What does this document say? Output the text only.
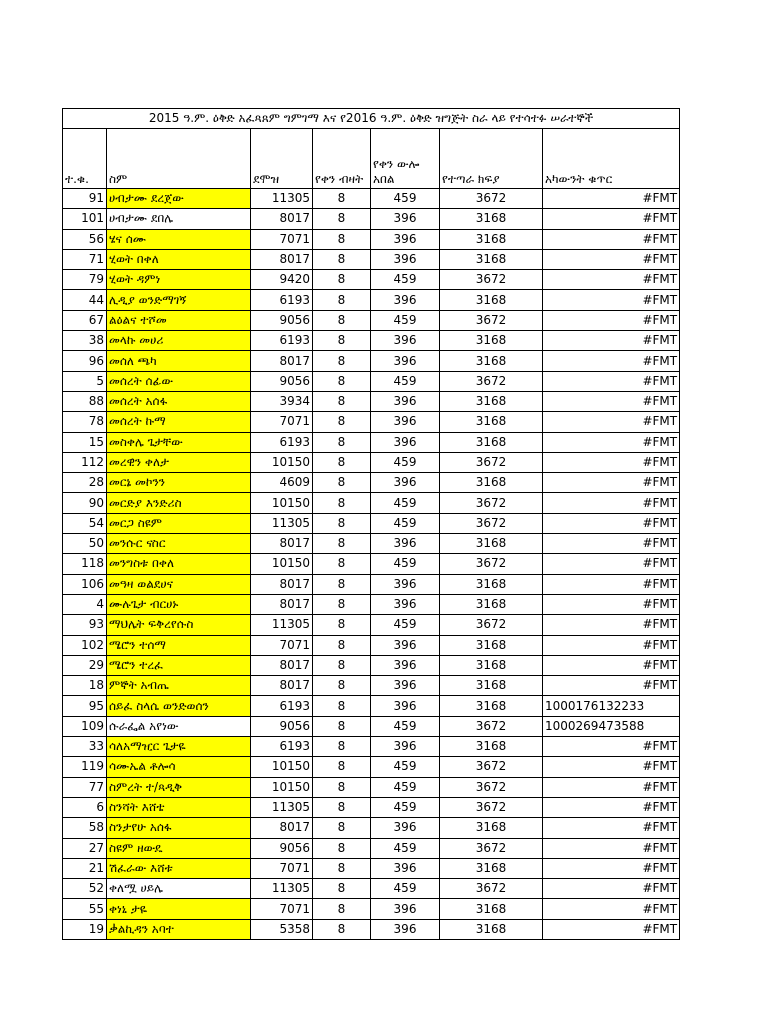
2015 ዓ.ም. ዕቅድ አፈጻጸም ግምገማ እና የ2016 ዓ.ም. ዕቅድ ዝግጅት ስራ ላይ የተሳተፉ ሠራተኞች						
ተ.ቁ.	ስም	ደሞዝ	የቀን ብዛት	የቀን ውሎ አበል	የተጣራ ክፍያ	አካውንት ቁጥር
91	ሀብታሙ ደረጀው	11305	8	459	3672	#FMT
101	ሀብታሙ ደበሌ	8017	8	396	3168	#FMT
56	ሄና ሰሙ	7071	8	396	3168	#FMT
71	ሂወት በቀለ	8017	8	396	3168	#FMT
79	ሂወት ዳምነ	9420	8	459	3672	#FMT
44	ሊዲያ ወንድማገኝ	6193	8	396	3168	#FMT
67	ልዕልና ተሾመ	9056	8	459	3672	#FMT
38	መላኩ መሀሪ	6193	8	396	3168	#FMT
96	መሰለ ጫካ	8017	8	396	3168	#FMT
5	መሰረት ሰፊው	9056	8	459	3672	#FMT
88	መሰረት አሰፋ	3934	8	396	3168	#FMT
78	መሰረት ኩማ	7071	8	396	3168	#FMT
15	መስቀሌ ጌታቸው	6193	8	396	3168	#FMT
112	መረዊን ቀለታ	10150	8	459	3672	#FMT
28	መርኔ መኮንን	4609	8	396	3168	#FMT
90	መርድያ እንድሪስ	10150	8	459	3672	#FMT
54	መርጋ ስዩም	11305	8	459	3672	#FMT
50	መንሱር ናስር	8017	8	396	3168	#FMT
118	መንግስቱ በቀለ	10150	8	459	3672	#FMT
106	መዓዛ ወልደሀና	8017	8	396	3168	#FMT
4	ሙሉጌታ ብርሀኑ	8017	8	396	3168	#FMT
93	ማህሌት ፍቅረየሱስ	11305	8	459	3672	#FMT
102	ሜሮን ተሰማ	7071	8	396	3168	#FMT
29	ሜሮን ተረፈ	8017	8	396	3168	#FMT
18	ምኞት አብጤ	8017	8	396	3168	#FMT
95	ሰይፈ ስላሴ ወንድወሰን	6193	8	396	3168	1000176132233
109	ሱራፌል አየነው	9056	8	459	3672	1000269473588
33	ሳለአማዢር ጌታዬ	6193	8	396	3168	#FMT
119	ሳሙኤል ቶሎሳ	10150	8	459	3672	#FMT
77	ስምረት ተ/ጻዲቅ	10150	8	459	3672	#FMT
6	ስንሻት እሸቴ	11305	8	459	3672	#FMT
58	ስንታየሁ አሰፋ	8017	8	396	3168	#FMT
27	ስዩም ዘውዴ	9056	8	459	3672	#FMT
21	ሽፈራው እሸቱ	7071	8	396	3168	#FMT
52	ቀለሟ ሀይሌ	11305	8	459	3672	#FMT
55	ቀነኒ ታዬ	7071	8	396	3168	#FMT
19	ቃልኪዳን አባተ	5358	8	396	3168	#FMT
